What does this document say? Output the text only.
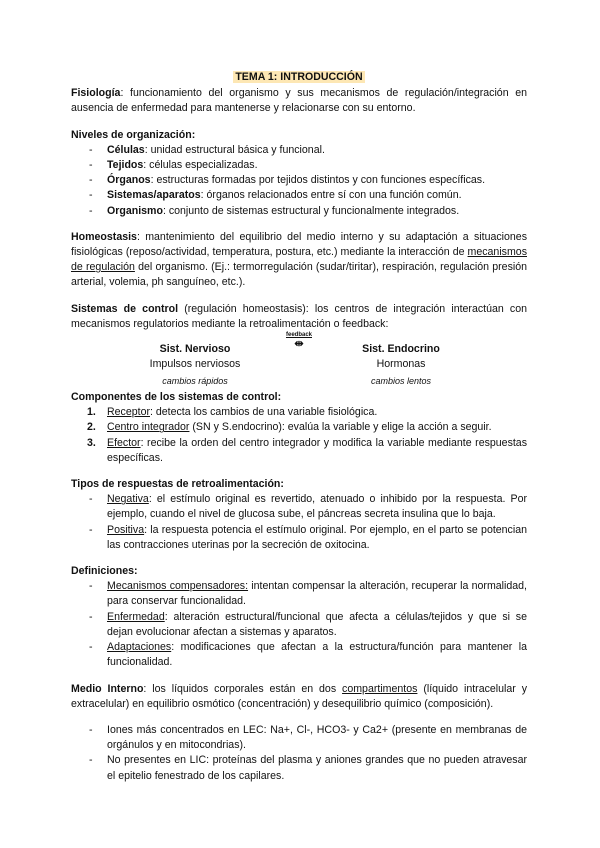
TEMA 1: INTRODUCCIÓN

Fisiología: funcionamiento del organismo y sus mecanismos de regulación/integración en ausencia de enfermedad para mantenerse y relacionarse con su entorno.

Niveles de organización:

- Células: unidad estructural básica y funcional.
- Tejidos: células especializadas.
- Órganos: estructuras formadas por tejidos distintos y con funciones específicas.
- Sistemas/aparatos: órganos relacionados entre sí con una función común.
- Organismo: conjunto de sistemas estructural y funcionalmente integrados.

Homeostasis: mantenimiento del equilibrio del medio interno y su adaptación a situaciones fisiológicas (reposo/actividad, temperatura, postura, etc.) mediante la interacción de mecanismos de regulación del organismo. (Ej.: termorregulación (sudar/tiritar), respiración, regulación presión arterial, volemia, ph sanguíneo, etc.).

Sistemas de control (regulación homeostasis): los centros de integración interactúan con mecanismos regulatorios mediante la retroalimentación o feedback:

Sist. Nervioso
Impulsos nerviosos
cambios rápidos
feedback
⇹	Sist. Endocrino
Hormonas
cambios lentos

Componentes de los sistemas de control:

1. Receptor: detecta los cambios de una variable fisiológica.
2. Centro integrador (SN y S.endocrino): evalúa la variable y elige la acción a seguir.
3. Efector: recibe la orden del centro integrador y modifica la variable mediante respuestas específicas.

Tipos de respuestas de retroalimentación:

- Negativa: el estímulo original es revertido, atenuado o inhibido por la respuesta. Por ejemplo, cuando el nivel de glucosa sube, el páncreas secreta insulina que lo baja.
- Positiva: la respuesta potencia el estímulo original. Por ejemplo, en el parto se potencian las contracciones uterinas por la secreción de oxitocina.

Definiciones:

- Mecanismos compensadores: intentan compensar la alteración, recuperar la normalidad, para conservar funcionalidad.
- Enfermedad: alteración estructural/funcional que afecta a células/tejidos y que si se dejan evolucionar afectan a sistemas y aparatos.
- Adaptaciones: modificaciones que afectan a la estructura/función para mantener la funcionalidad.

Medio Interno: los líquidos corporales están en dos compartimentos (líquido intracelular y extracelular) en equilibrio osmótico (concentración) y desequilibrio químico (composición).

- Iones más concentrados en LEC: Na+, Cl-, HCO3- y Ca2+ (presente en membranas de orgánulos y en mitocondrias).
- No presentes en LIC: proteínas del plasma y aniones grandes que no pueden atravesar el epitelio fenestrado de los capilares.
